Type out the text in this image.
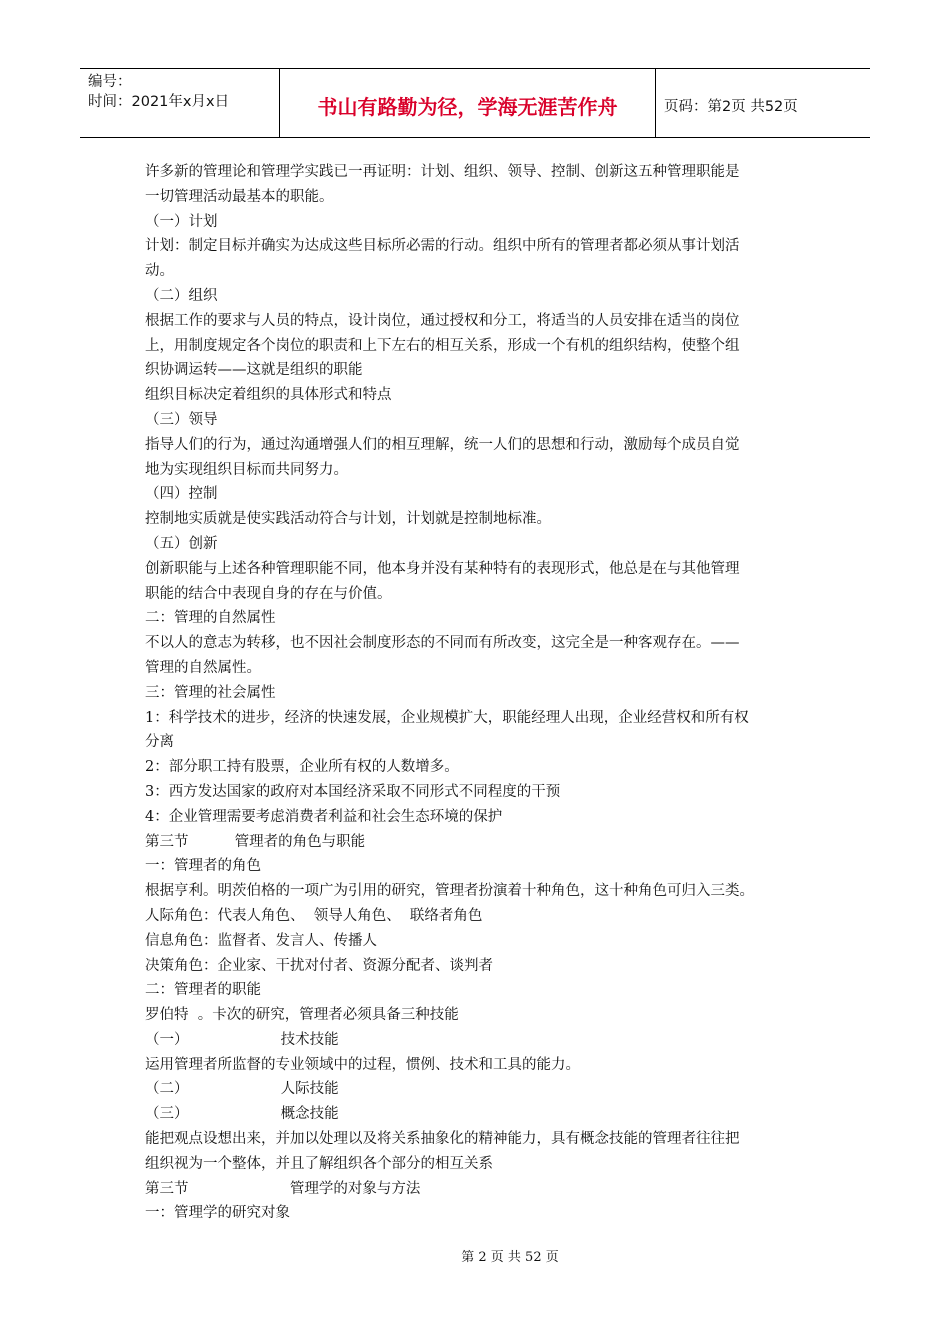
编号：
时间：2021年x月x日	书山有路勤为径，学海无涯苦作舟	页码：第2页 共52页

许多新的管理论和管理学实践已一再证明：计划、组织、领导、控制、创新这五种管理职能是

一切管理活动最基本的职能。

（一）计划

计划：制定目标并确实为达成这些目标所必需的行动。组织中所有的管理者都必须从事计划活

动。

（二）组织

根据工作的要求与人员的特点，设计岗位，通过授权和分工，将适当的人员安排在适当的岗位

上，用制度规定各个岗位的职责和上下左右的相互关系，形成一个有机的组织结构，使整个组

织协调运转——这就是组织的职能

组织目标决定着组织的具体形式和特点

（三）领导

指导人们的行为，通过沟通增强人们的相互理解，统一人们的思想和行动，激励每个成员自觉

地为实现组织目标而共同努力。

（四）控制

控制地实质就是使实践活动符合与计划，计划就是控制地标准。

（五）创新

创新职能与上述各种管理职能不同，他本身并没有某种特有的表现形式，他总是在与其他管理

职能的结合中表现自身的存在与价值。

二：管理的自然属性

不以人的意志为转移，也不因社会制度形态的不同而有所改变，这完全是一种客观存在。——

管理的自然属性。

三：管理的社会属性

1：科学技术的进步，经济的快速发展，企业规模扩大，职能经理人出现，企业经营权和所有权

分离

2：部分职工持有股票，企业所有权的人数增多。

3：西方发达国家的政府对本国经济采取不同形式不同程度的干预

4：企业管理需要考虑消费者利益和社会生态环境的保护

第三节          管理者的角色与职能

一：管理者的角色

根据亨利。明茨伯格的一项广为引用的研究，管理者扮演着十种角色，这十种角色可归入三类。

人际角色：代表人角色、  领导人角色、  联络者角色

信息角色：监督者、发言人、传播人

决策角色：企业家、干扰对付者、资源分配者、谈判者

二：管理者的职能

罗伯特  。卡次的研究，管理者必须具备三种技能

（一）                    技术技能

运用管理者所监督的专业领域中的过程，惯例、技术和工具的能力。

（二）                    人际技能

（三）                    概念技能

能把观点设想出来，并加以处理以及将关系抽象化的精神能力，具有概念技能的管理者往往把

组织视为一个整体，并且了解组织各个部分的相互关系

第三节                      管理学的对象与方法

一：管理学的研究对象

第 2 页 共 52 页
